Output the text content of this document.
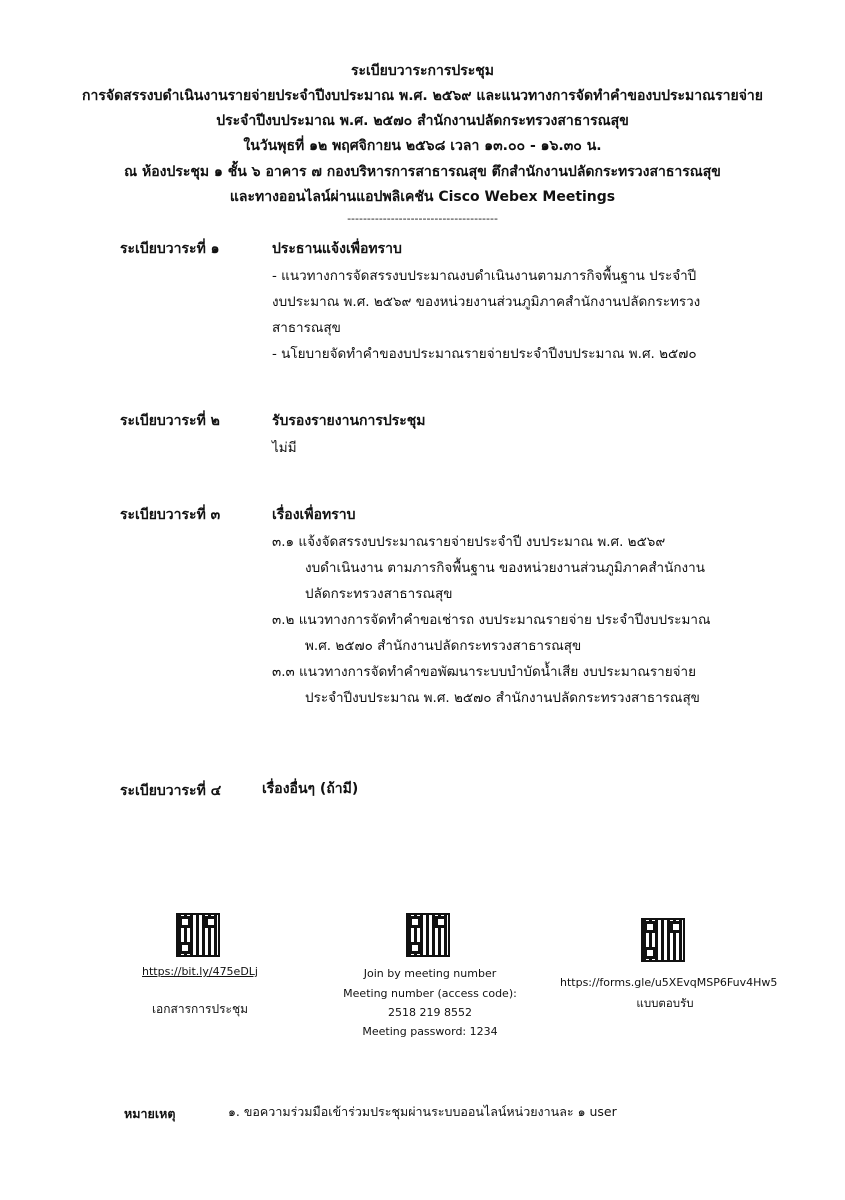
ระเบียบวาระการประชุม
การจัดสรรงบดำเนินงานรายจ่ายประจำปีงบประมาณ พ.ศ. ๒๕๖๙ และแนวทางการจัดทำคำของบประมาณรายจ่าย
ประจำปีงบประมาณ พ.ศ. ๒๕๗๐ สำนักงานปลัดกระทรวงสาธารณสุข
ในวันพุธที่ ๑๒ พฤศจิกายน ๒๕๖๘ เวลา ๑๓.๐๐ - ๑๖.๓๐ น.
ณ ห้องประชุม ๑ ชั้น ๖ อาคาร ๗ กองบริหารการสาธารณสุข ตึกสำนักงานปลัดกระทรวงสาธารณสุข
และทางออนไลน์ผ่านแอปพลิเคชัน Cisco Webex Meetings
--------------------------------------
ระเบียบวาระที่ ๑	ประธานแจ้งเพื่อทราบ
- แนวทางการจัดสรรงบประมาณงบดำเนินงานตามภารกิจพื้นฐาน ประจำปี
งบประมาณ พ.ศ. ๒๕๖๙ ของหน่วยงานส่วนภูมิภาคสำนักงานปลัดกระทรวง
สาธารณสุข
- นโยบายจัดทำคำของบประมาณรายจ่ายประจำปีงบประมาณ พ.ศ. ๒๕๗๐
ระเบียบวาระที่ ๒	รับรองรายงานการประชุม
ไม่มี
ระเบียบวาระที่ ๓	เรื่องเพื่อทราบ
๓.๑ แจ้งจัดสรรงบประมาณรายจ่ายประจำปี งบประมาณ พ.ศ. ๒๕๖๙
งบดำเนินงาน ตามภารกิจพื้นฐาน ของหน่วยงานส่วนภูมิภาคสำนักงาน
ปลัดกระทรวงสาธารณสุข
๓.๒ แนวทางการจัดทำคำขอเช่ารถ งบประมาณรายจ่าย ประจำปีงบประมาณ
พ.ศ. ๒๕๗๐ สำนักงานปลัดกระทรวงสาธารณสุข
๓.๓ แนวทางการจัดทำคำขอพัฒนาระบบบำบัดน้ำเสีย งบประมาณรายจ่าย
ประจำปีงบประมาณ พ.ศ. ๒๕๗๐ สำนักงานปลัดกระทรวงสาธารณสุข
ระเบียบวาระที่ ๔	เรื่องอื่นๆ (ถ้ามี)
https://bit.ly/475eDLj
เอกสารการประชุม
Join by meeting number
Meeting number (access code):
2518 219 8552
Meeting password: 1234
https://forms.gle/u5XEvqMSP6Fuv4Hw5
แบบตอบรับ
หมายเหตุ	๑. ขอความร่วมมือเข้าร่วมประชุมผ่านระบบออนไลน์หน่วยงานละ ๑ user
